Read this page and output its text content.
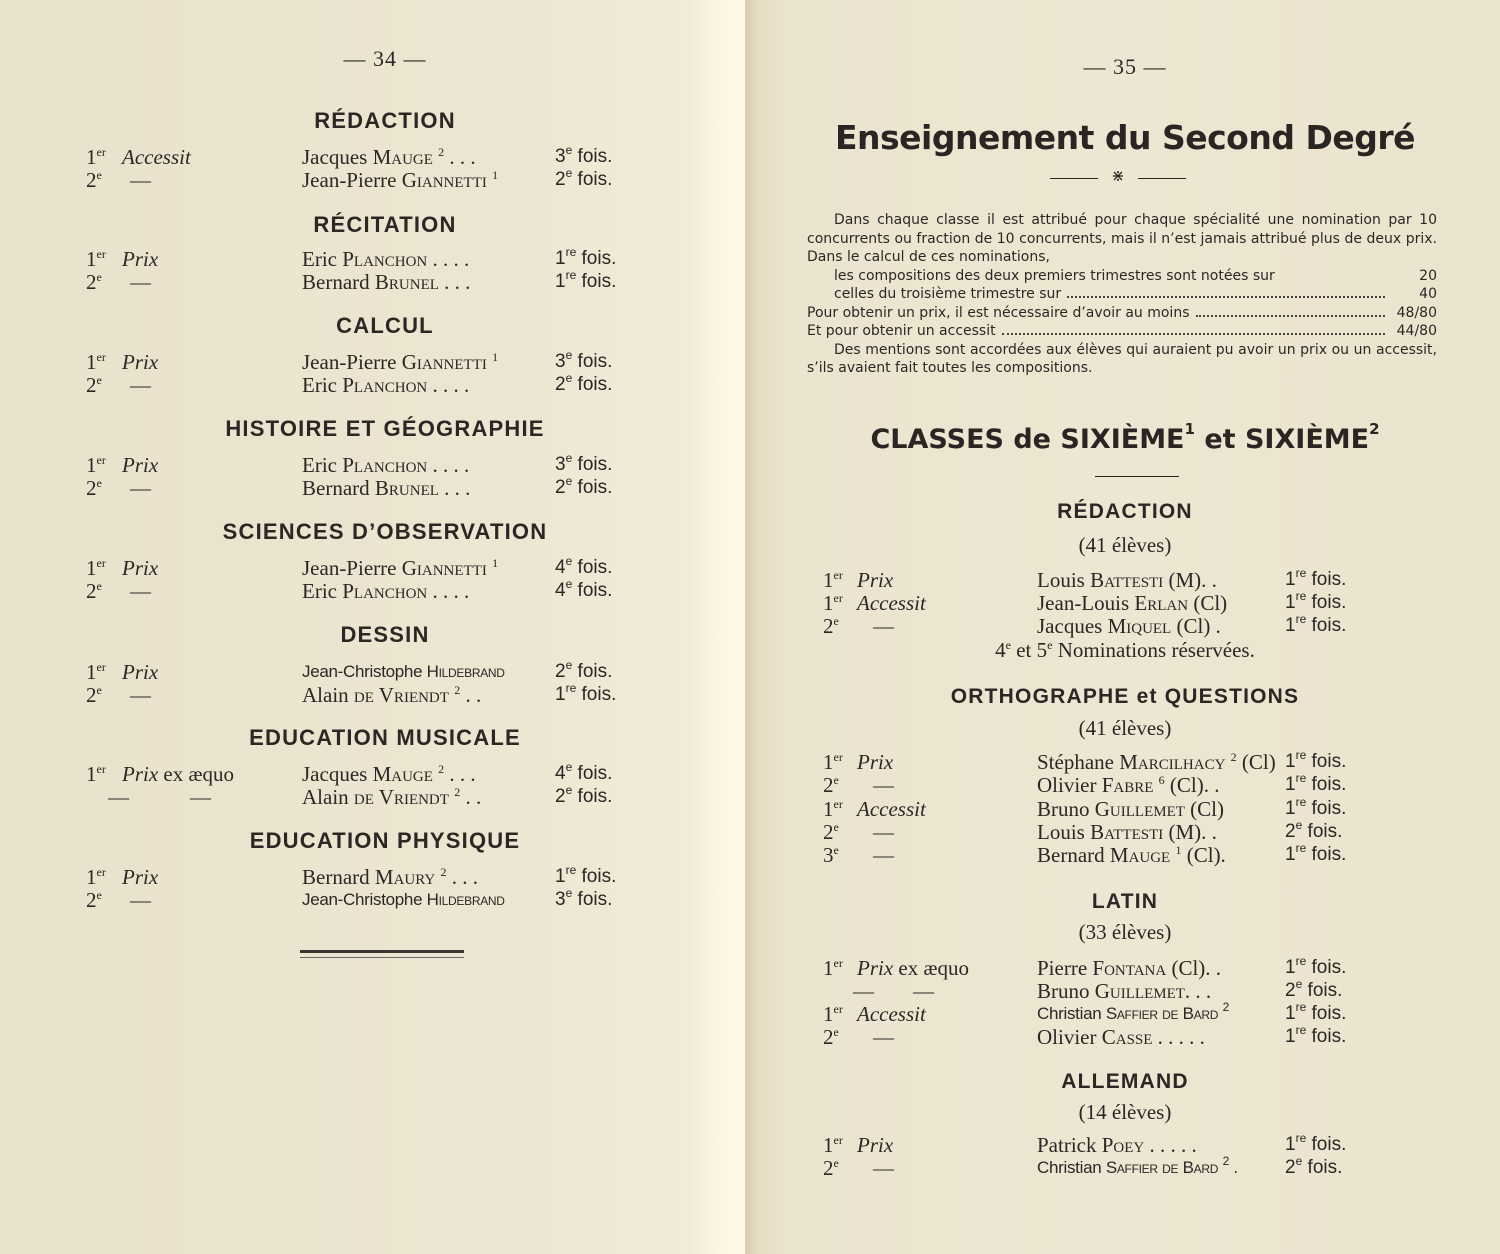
— 34 —
RÉDACTION
1er Accessit	Jacques Mauge $^2$ . . .	3e fois.
2e —	Jean-Pierre Giannetti $^1$	2e fois.
RÉCITATION
1er Prix	Eric Planchon . . . .	1re fois.
2e —	Bernard Brunel . . .	1re fois.
CALCUL
1er Prix	Jean-Pierre Giannetti $^1$	3e fois.
2e —	Eric Planchon . . . .	2e fois.
HISTOIRE ET GÉOGRAPHIE
1er Prix	Eric Planchon . . . .	3e fois.
2e —	Bernard Brunel . . .	2e fois.
SCIENCES D’OBSERVATION
1er Prix	Jean-Pierre Giannetti $^1$	4e fois.
2e —	Eric Planchon . . . .	4e fois.
DESSIN
1er Prix	Jean-Christophe Hildebrand	2e fois.
2e —	Alain de Vriendt $^2$ . .	1re fois.
EDUCATION MUSICALE
1er Prix ex æquo	Jacques Mauge $^2$ . . .	4e fois.
—	—	Alain de Vriendt $^2$ . .	2e fois.
EDUCATION PHYSIQUE
1er Prix	Bernard Maury $^2$ . . .	1re fois.
2e —	Jean-Christophe Hildebrand	3e fois.
— 35 —
Enseignement du Second Degré
⋇

Dans chaque classe il est attribué pour chaque spécialité une nomination par 10 concurrents ou fraction de 10 concurrents, mais il n’est jamais attribué plus de deux prix. Dans le calcul de ces nominations,

les compositions des deux premiers trimestres sont notées sur	20
celles du troisième trimestre sur	40
Pour obtenir un prix, il est nécessaire d’avoir au moins	48/80
Et pour obtenir un accessit	44/80

Des mentions sont accordées aux élèves qui auraient pu avoir un prix ou un accessit, s’ils avaient fait toutes les compositions.

CLASSES de SIXIÈME$^1$ et SIXIÈME$^2$
RÉDACTION
(41 élèves)
1er Prix	Louis Battesti (M). .	1re fois.
1er Accessit	Jean-Louis Erlan (Cl)	1re fois.
2e —	Jacques Miquel (Cl) .	1re fois.
4e et 5e Nominations réservées.
ORTHOGRAPHE et QUESTIONS
(41 élèves)
1er Prix	Stéphane Marcilhacy $^2$ (Cl) 1re fois.
2e —	Olivier Fabre $^6$ (Cl). .	1re fois.
1er Accessit	Bruno Guillemet (Cl)	1re fois.
2e —	Louis Battesti (M). .	2e fois.
3e —	Bernard Mauge $^1$ (Cl).	1re fois.
LATIN
(33 élèves)
1er Prix ex æquo	Pierre Fontana (Cl). .	1re fois.
— —	Bruno Guillemet. . .	2e fois.
1er Accessit	Christian Saffier de Bard $^2$	1re fois.
2e —	Olivier Casse . . . . .	1re fois.
ALLEMAND
(14 élèves)
1er Prix	Patrick Poey . . . . .	1re fois.
2e —	Christian Saffier de Bard $^2$ . 2e fois.
